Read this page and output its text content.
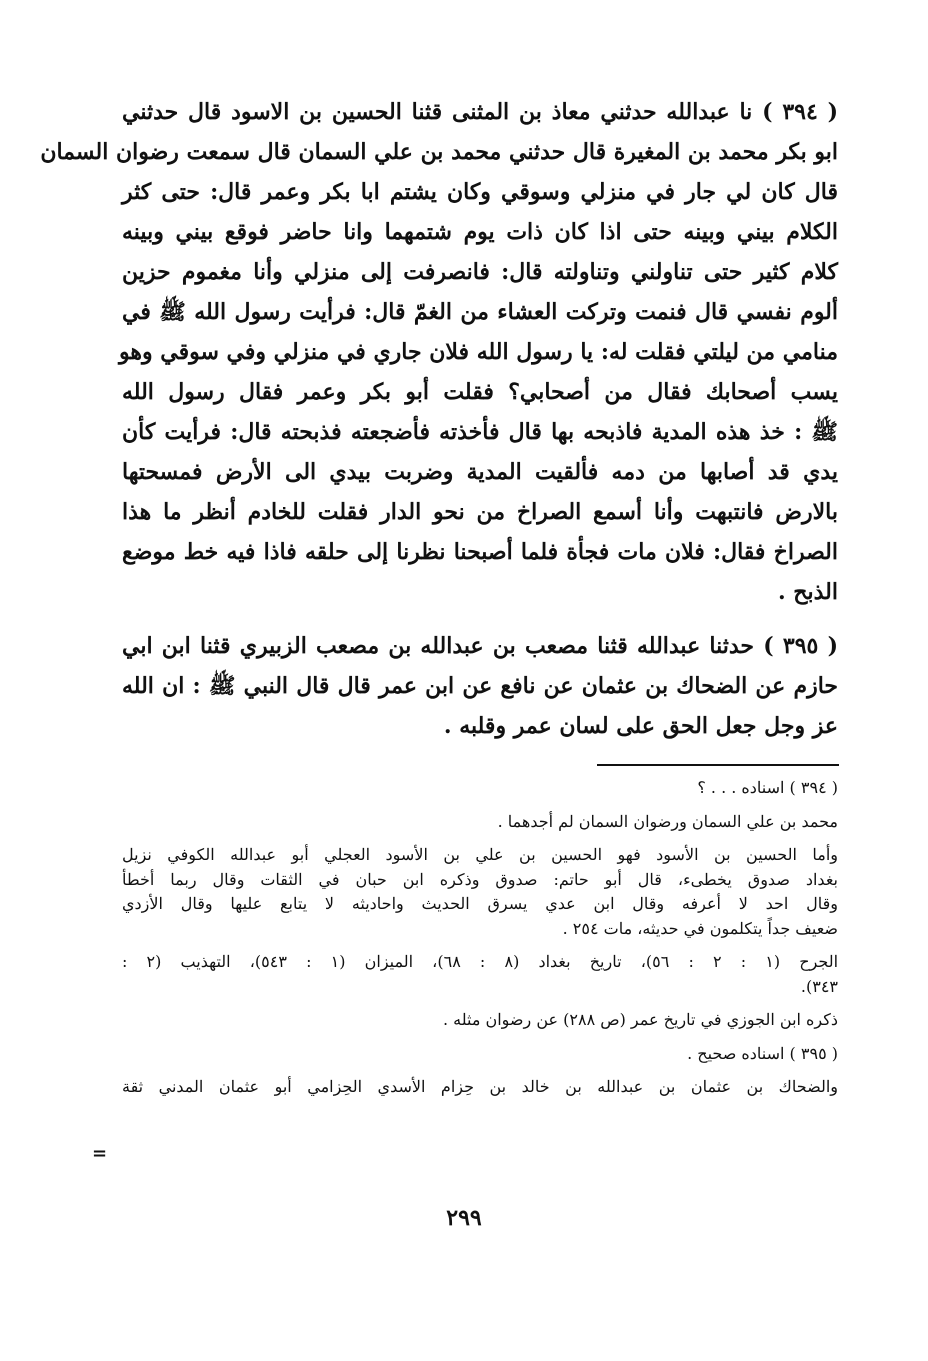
( ٣٩٤ ) نا عبدالله حدثني معاذ بن المثنى قثنا الحسين بن الاسود قال حدثني
ابو بكر محمد بن المغيرة قال حدثني محمد بن علي السمان قال سمعت رضوان السمان
قال كان لي جار في منزلي وسوقي وكان يشتم ابا بكر وعمر قال: حتى كثر
الكلام بيني وبينه حتى اذا كان ذات يوم شتمهما وانا حاضر فوقع بيني وبينه
كلام كثير حتى تناولني وتناولته قال: فانصرفت إلى منزلي وأنا مغموم حزين
ألوم نفسي قال فنمت وتركت العشاء من الغمّ قال: فرأيت رسول الله ﷺ في
منامي من ليلتي فقلت له: يا رسول الله فلان جاري في منزلي وفي سوقي وهو
يسب أصحابك فقال من أصحابي؟ فقلت أبو بكر وعمر فقال رسول الله
ﷺ : خذ هذه المدية فاذبحه بها قال فأخذته فأضجعته فذبحته قال: فرأيت كأن
يدي قد أصابها من دمه فألقيت المدية وضربت بيدي الى الأرض فمسحتها
بالارض فانتبهت وأنا أسمع الصراخ من نحو الدار فقلت للخادم أنظر ما هذا
الصراخ فقال: فلان مات فجأة فلما أصبحنا نظرنا إلى حلقه فاذا فيه خط موضع
الذبح .

( ٣٩٥ ) حدثنا عبدالله قثنا مصعب بن عبدالله بن مصعب الزبيري قثنا ابن ابي
حازم عن الضحاك بن عثمان عن نافع عن ابن عمر قال قال النبي ﷺ : ان الله
عز وجل جعل الحق على لسان عمر وقلبه .

( ٣٩٤ ) اسناده . . . ؟

محمد بن علي السمان ورضوان السمان لم أجدهما .

وأما الحسين بن الأسود فهو الحسين بن علي بن الأسود العجلي أبو عبدالله الكوفي نزيل
بغداد صدوق يخطىء، قال أبو حاتم: صدوق وذكره ابن حبان في الثقات وقال ربما أخطأ
وقال احد لا أعرفه وقال ابن عدي يسرق الحديث واحاديثه لا يتابع عليها وقال الأزدي
ضعيف جداً يتكلمون في حديثه، مات ٢٥٤ .

الجرح (١ : ٢ : ٥٦)، تاريخ بغداد (٨ : ٦٨)، الميزان (١ : ٥٤٣)، التهذيب (٢ :
٣٤٣).

ذكره ابن الجوزي في تاريخ عمر (ص ٢٨٨) عن رضوان مثله .

( ٣٩٥ ) اسناده صحيح .

والضحاك بن عثمان بن عبدالله بن خالد بن حِزام الأسدي الحِزامي أبو عثمان المدني ثقة

=
٢٩٩
